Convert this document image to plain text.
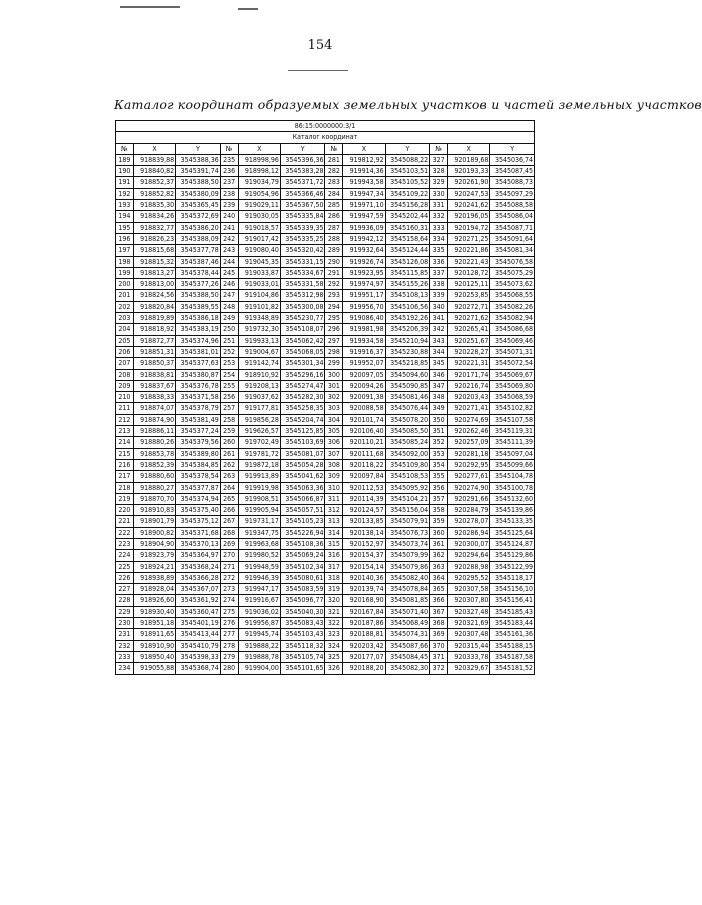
154
Каталог координат образуемых земельных участков и частей земельных участков
86:15:0000000:3/1											
Каталог координат											
№	X	Y	№	X	Y	№	X	Y	№	X	Y
189	918839,88	3545388,36	235	918998,96	3545396,36	281	919812,92	3545088,22	327	920189,68	3545036,74
190	918840,82	3545391,74	236	918998,12	3545383,28	282	919914,36	3545103,51	328	920193,33	3545087,45
191	918852,37	3545388,50	237	919034,79	3545371,72	283	919943,58	3545105,52	329	920261,90	3545088,73
192	918852,82	3545380,09	238	919054,96	3545366,46	284	919947,34	3545109,22	330	920247,53	3545097,29
193	918835,30	3545365,45	239	919029,11	3545367,50	285	919971,10	3545156,28	331	920241,62	3545088,58
194	918834,26	3545372,69	240	919030,05	3545335,84	286	919947,59	3545202,44	332	920196,05	3545086,04
195	918832,77	3545386,20	241	919018,57	3545339,35	287	919936,09	3545160,31	333	920194,72	3545087,71
196	918826,23	3545388,09	242	919017,42	3545335,25	288	919942,12	3545158,64	334	920271,25	3545091,64
197	918815,68	3545377,78	243	919080,40	3545320,42	289	919932,64	3545124,44	335	920221,86	3545081,34
198	918815,32	3545387,46	244	919045,35	3545331,15	290	919926,74	3545126,08	336	920221,43	3545076,58
199	918813,27	3545378,44	245	919033,87	3545334,67	291	919923,95	3545115,85	337	920128,72	3545075,29
200	918813,00	3545377,26	246	919033,01	3545331,58	292	919974,97	3545155,26	338	920125,11	3545073,62
201	918824,56	3545388,50	247	919104,86	3545312,98	293	919951,17	3545108,13	339	920253,85	3545068,55
202	918820,84	3545389,55	248	919101,82	3545300,08	294	919956,70	3545106,56	340	920272,71	3545082,26
203	918819,89	3545386,18	249	919348,89	3545230,77	295	919086,40	3545192,26	341	920271,62	3545082,94
204	918818,92	3545383,19	250	919732,30	3545108,07	296	919981,98	3545206,39	342	920265,41	3545086,68
205	918872,77	3545374,96	251	919933,13	3545062,42	297	919934,58	3545210,94	343	920251,67	3545069,46
206	918851,31	3545381,01	252	919004,67	3545068,05	298	919916,37	3545230,88	344	920228,27	3545071,31
207	918850,37	3545377,63	253	919142,74	3545301,34	299	919952,07	3545218,85	345	920221,31	3545072,54
208	918838,81	3545380,87	254	918910,92	3545296,16	300	920097,05	3545094,60	346	920171,74	3545069,67
209	918837,67	3545376,78	255	919208,13	3545274,47	301	920094,26	3545090,85	347	920216,74	3545069,80
210	918838,33	3545371,58	256	919037,62	3545282,30	302	920091,38	3545081,46	348	920203,43	3545068,59
211	918874,07	3545378,79	257	919177,81	3545258,35	303	920088,58	3545076,44	349	920271,41	3545102,82
212	918874,90	3545381,49	258	919856,28	3545204,74	304	920101,74	3545078,20	350	920274,69	3545107,58
213	918886,11	3545377,24	259	919626,57	3545125,85	305	920106,40	3545085,50	351	920262,46	3545119,31
214	918880,26	3545379,56	260	919702,49	3545103,69	306	920110,21	3545085,24	352	920257,09	3545111,39
215	918853,78	3545389,80	261	919781,72	3545081,07	307	920111,68	3545092,00	353	920281,18	3545097,04
216	918852,39	3545384,85	262	919872,18	3545054,28	308	920118,22	3545109,80	354	920292,95	3545099,66
217	918880,60	3545378,54	263	919913,89	3545041,62	309	920097,84	3545108,53	355	920277,61	3545104,78
218	918880,27	3545377,87	264	919919,98	3545063,36	310	920112,53	3545095,92	356	920274,90	3545100,78
219	918870,70	3545374,94	265	919908,51	3545066,87	311	920114,39	3545104,21	357	920291,66	3545132,60
220	918910,83	3545375,40	266	919905,94	3545057,51	312	920124,57	3545156,04	358	920284,79	3545139,86
221	918901,79	3545375,12	267	919731,17	3545105,23	313	920133,85	3545079,91	359	920278,07	3545133,35
222	918900,82	3545371,68	268	919347,75	3545226,94	314	920138,14	3545076,73	360	920286,94	3545125,64
223	918904,90	3545370,13	269	919963,68	3545108,36	315	920152,97	3545073,74	361	920300,07	3545124,87
224	918923,79	3545364,97	270	919980,52	3545069,24	316	920154,37	3545079,99	362	920294,64	3545129,86
225	918924,21	3545368,24	271	919948,59	3545102,34	317	920154,14	3545079,86	363	920288,98	3545122,99
226	918938,89	3545366,28	272	919946,39	3545080,61	318	920140,36	3545082,40	364	920295,52	3545118,17
227	918928,04	3545367,07	273	919947,17	3545083,59	319	920139,74	3545078,84	365	920307,58	3545156,10
228	918926,60	3545361,92	274	919916,67	3545096,77	320	920168,90	3545081,85	366	920307,80	3545156,41
229	918930,40	3545360,47	275	919036,02	3545040,30	321	920167,84	3545071,40	367	920327,48	3545185,43
230	918951,18	3545401,19	276	919956,87	3545083,43	322	920187,86	3545068,49	368	920321,69	3545183,44
231	918911,65	3545413,44	277	919945,74	3545103,43	323	920188,81	3545074,31	369	920307,48	3545161,36
232	918910,90	3545410,79	278	919888,22	3545118,32	324	920203,42	3545087,66	370	920315,44	3545188,15
233	918950,40	3545398,33	279	919888,78	3545105,74	325	920177,07	3545084,45	371	920333,78	3545187,58
234	919055,88	3545368,74	280	919904,00	3545101,65	326	920188,20	3545082,30	372	920329,67	3545181,52
